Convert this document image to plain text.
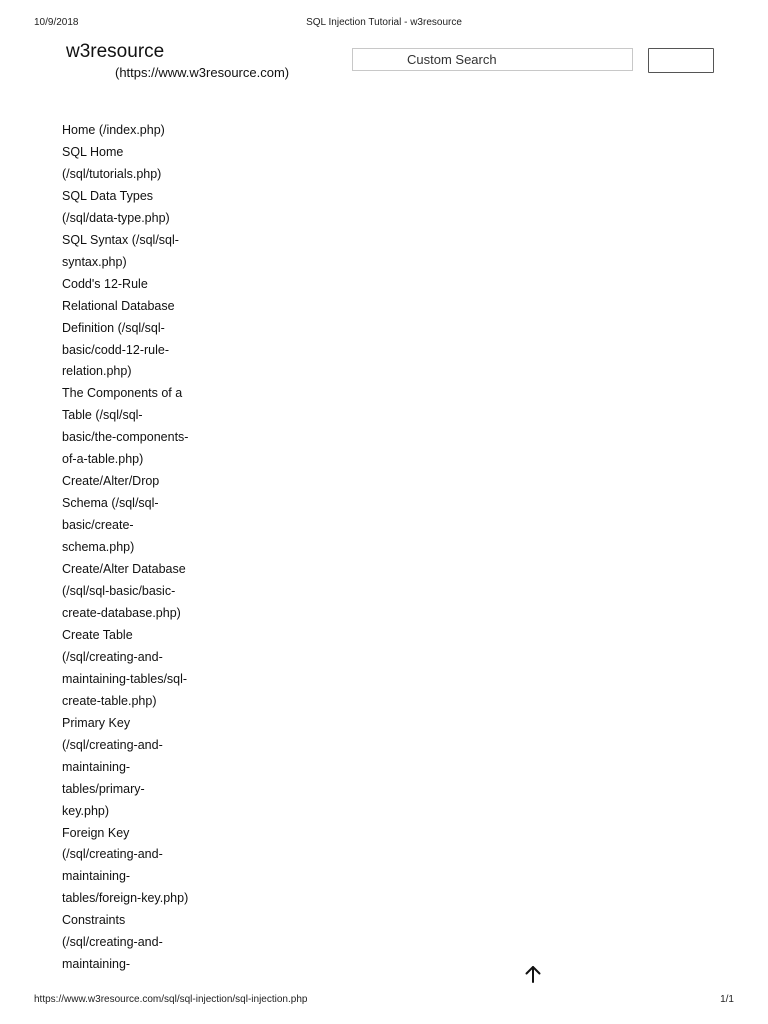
10/9/2018	SQL Injection Tutorial - w3resource
w3resource
(https://www.w3resource.com)
Custom Search
Home (/index.php)
SQL Home
(/sql/tutorials.php)
SQL Data Types
(/sql/data-type.php)
SQL Syntax (/sql/sql-
syntax.php)
Codd's 12-Rule
Relational Database
Definition (/sql/sql-
basic/codd-12-rule-
relation.php)
The Components of a
Table (/sql/sql-
basic/the-components-
of-a-table.php)
Create/Alter/Drop
Schema (/sql/sql-
basic/create-
schema.php)
Create/Alter Database
(/sql/sql-basic/basic-
create-database.php)
Create Table
(/sql/creating-and-
maintaining-tables/sql-
create-table.php)
Primary Key
(/sql/creating-and-
maintaining-
tables/primary-
key.php)
Foreign Key
(/sql/creating-and-
maintaining-
tables/foreign-key.php)
Constraints
(/sql/creating-and-
maintaining-
https://www.w3resource.com/sql/sql-injection/sql-injection.php	1/1
